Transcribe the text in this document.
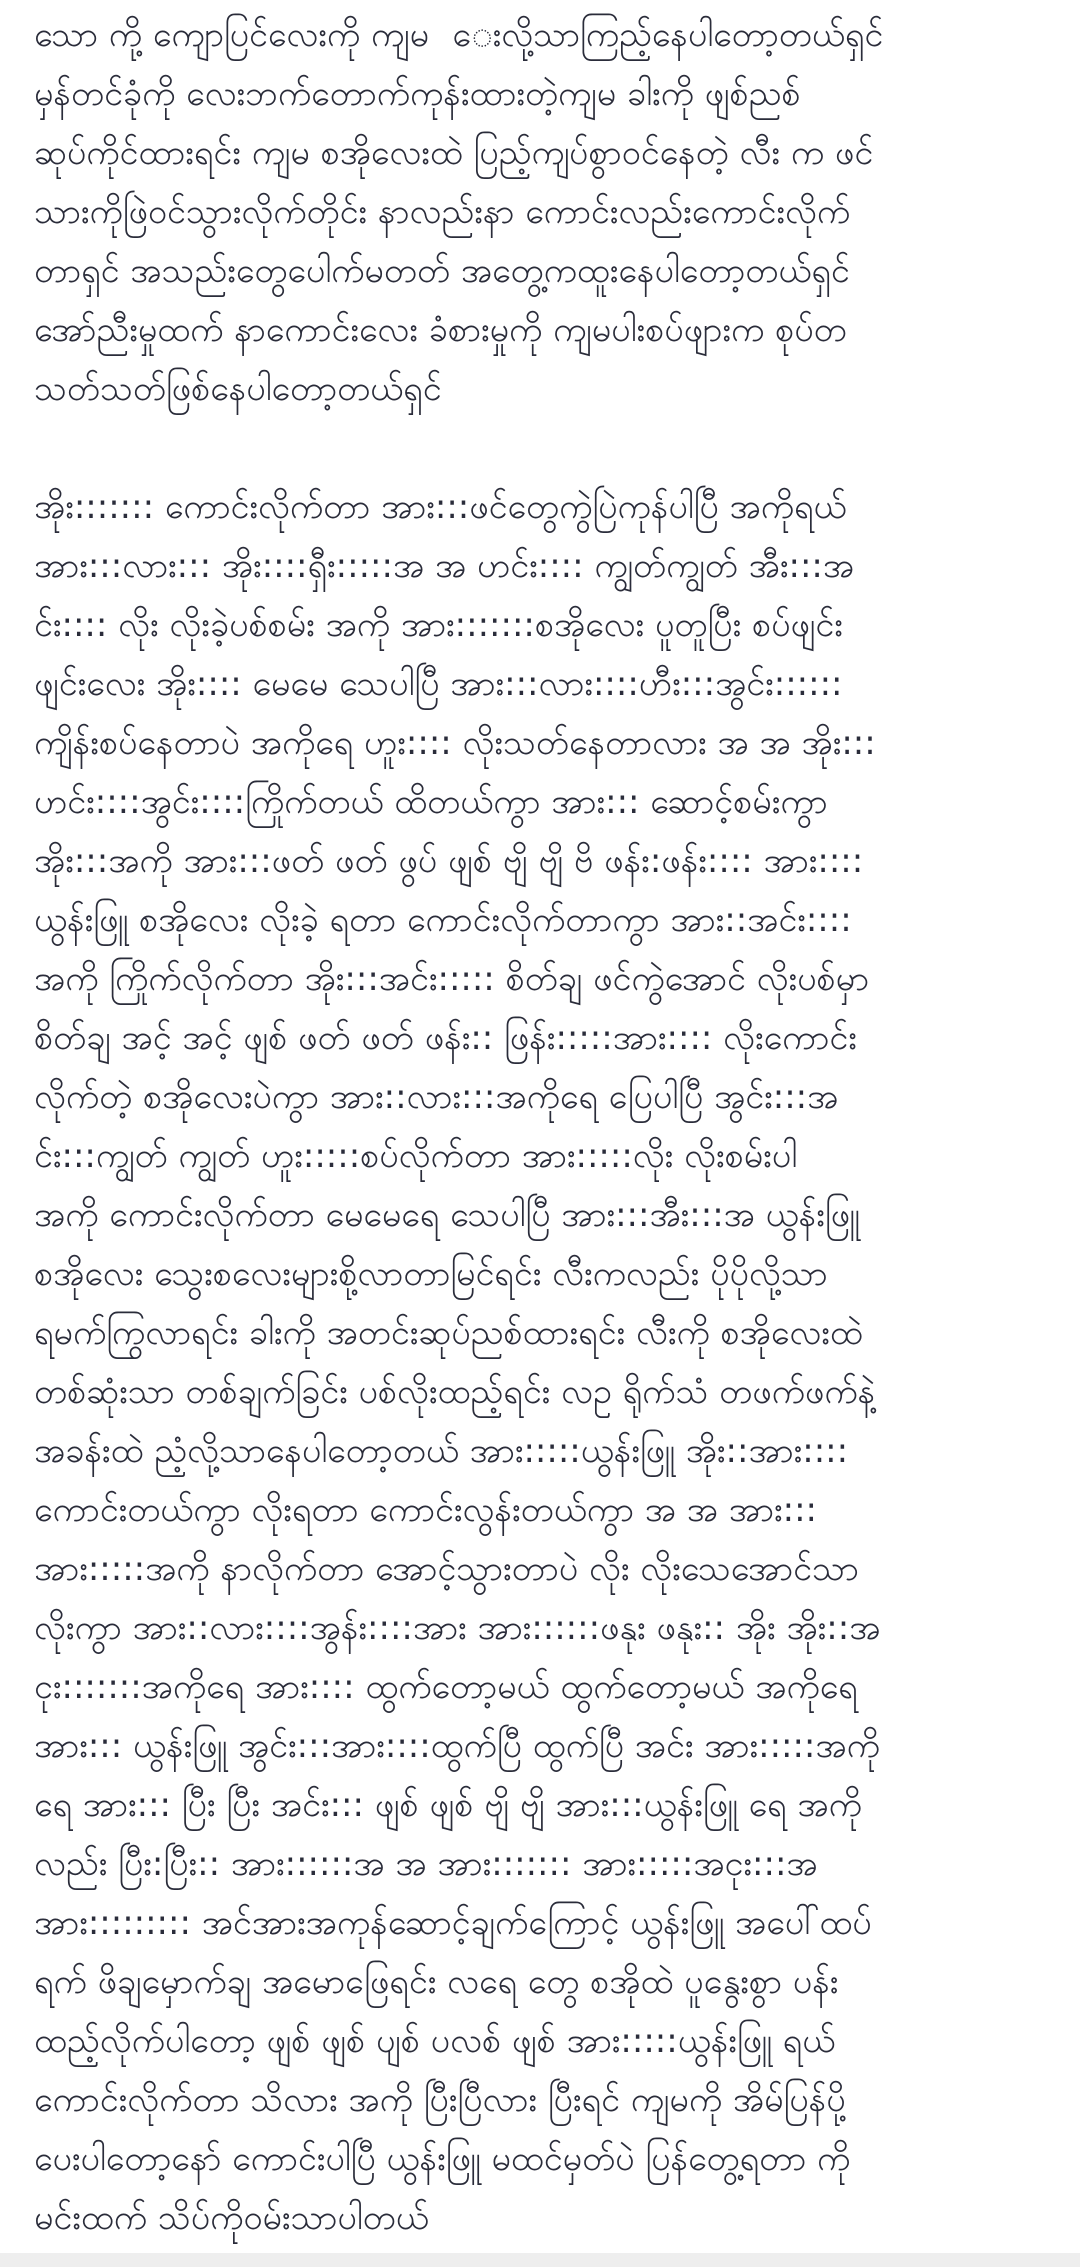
သော ကို့ ကျောပြင်လေးကို ကျမ ‌ ေးလို့သာကြည့်နေပါတော့တယ်ရှင်
မှန်တင်ခုံကို လေးဘက်တောက်ကုန်းထားတဲ့ကျမ ခါးကို ဖျစ်ညစ်
ဆုပ်ကိုင်ထားရင်း ကျမ စအိုလေးထဲ ပြည့်ကျပ်စွာဝင်နေတဲ့ လီး က ဖင်
သားကိုဖြဲဝင်သွားလိုက်တိုင်း နာလည်းနာ ကောင်းလည်းကောင်းလိုက်
တာရှင် အသည်းတွေပေါက်မတတ် အတွေ့ကထူးနေပါတော့တယ်ရှင်
အော်ညီးမှုထက် နာကောင်းလေး ခံစားမှုကို ကျမပါးစပ်ဖျားက စုပ်တ
သတ်သတ်ဖြစ်နေပါတော့တယ်ရှင်

အိုး::::::: ကောင်းလိုက်တာ အား:::ဖင်တွေကွဲပြဲကုန်ပါပြီ အကိုရယ်
အား:::လား::: အိုး::::ရှီး:::::အ အ ဟင်း:::: ကျွတ်ကျွတ် အီး:::အ
င်း:::: လိုး လိုးခဲ့ပစ်စမ်း အကို အား:::::::စအိုလေး ပူတူပြီး စပ်ဖျင်း
ဖျင်းလေး အိုး:::: မေမေ သေပါပြီ အား:::လား::::ဟီး:::အွင်း::::::
ကျိန်းစပ်နေတာပဲ အကိုရေ ဟူး:::: လိုးသတ်နေတာလား အ အ အိုး:::
ဟင်း::::အွင်း::::ကြိုက်တယ် ထိတယ်ကွာ အား::: ဆောင့်စမ်းကွာ
အိုး:::အကို အား:::ဖတ် ဖတ် ဖွပ် ဖျစ် ဗျိ ဗျိ ဗိ ဖန်း:ဖန်း:::: အား::::
ယွန်းဖြူ စအိုလေး လိုးခဲ့ ရတာ ကောင်းလိုက်တာကွာ အား::အင်း::::
အကို ကြိုက်လိုက်တာ အိုး:::အင်း::::: စိတ်ချ ဖင်ကွဲအောင် လိုးပစ်မှာ
စိတ်ချ အင့် အင့် ဖျစ် ဖတ် ဖတ် ဖန်း:: ဖြန်း:::::အား:::: လိုးကောင်း
လိုက်တဲ့ စအိုလေးပဲကွာ အား::လား:::အကိုရေ ပြေပါပြီ အွင်း:::အ
င်း:::ကျွတ် ကျွတ် ဟူး:::::စပ်လိုက်တာ အား:::::လိုး လိုးစမ်းပါ
အကို ကောင်းလိုက်တာ မေမေရေ သေပါပြီ အား:::အီး:::အ ယွန်းဖြူ
စအိုလေး သွေးစလေးများစို့လာတာမြင်ရင်း လီးကလည်း ပိုပိုလို့သာ
ရမက်ကြွလာရင်း ခါးကို အတင်းဆုပ်ညစ်ထားရင်း လီးကို စအိုလေးထဲ
တစ်ဆုံးသာ တစ်ချက်ခြင်း ပစ်လိုးထည့်ရင်း လဥ ရိုက်သံ တဖက်ဖက်နဲ့
အခန်းထဲ ညံ့လို့သာနေပါတော့တယ် အား:::::ယွန်းဖြူ အိုး::အား::::
ကောင်းတယ်ကွာ လိုးရတာ ကောင်းလွန်းတယ်ကွာ အ အ အား:::
အား:::::အကို နာလိုက်တာ အောင့်သွားတာပဲ လိုး လိုးသေအောင်သာ
လိုးကွာ အား::လား::::အွန်း::::အား အား::::::ဖနုး ဖနုး:: အိုး အိုး::အ
ငုး:::::::အကိုရေ အား:::: ထွက်တော့မယ် ထွက်တော့မယ် အကိုရေ
အား::: ယွန်းဖြူ အွင်း:::အား::::ထွက်ပြီ ထွက်ပြီ အင်း အား:::::အကို
ရေ အား::: ပြီး ပြီး အင်း::: ဖျစ် ဖျစ် ဗျိ ဗျိ အား:::ယွန်းဖြူ ရေ အကို
လည်း ပြီး:ပြီး:: အား::::::အ အ အား::::::: အား:::::အငုး:::အ
အား::::::::: အင်အားအကုန်ဆောင့်ချက်ကြောင့် ယွန်းဖြူ အပေါ်ထပ်
ရက် ဖိချမှောက်ချ အမောဖြေရင်း လရေ တွေ စအိုထဲ ပူနွေးစွာ ပန်း
ထည့်လိုက်ပါတော့ ဖျစ် ဖျစ် ပျစ် ပလစ် ဖျစ် အား:::::ယွန်းဖြူ ရယ်
ကောင်းလိုက်တာ သိလား အကို ပြီးပြီလား ပြီးရင် ကျမကို အိမ်ပြန်ပို့
ပေးပါတော့နော် ကောင်းပါပြီ ယွန်းဖြူ မထင်မှတ်ပဲ ပြန်တွေ့ရတာ ကို
မင်းထက် သိပ်ကိုဝမ်းသာပါတယ်
